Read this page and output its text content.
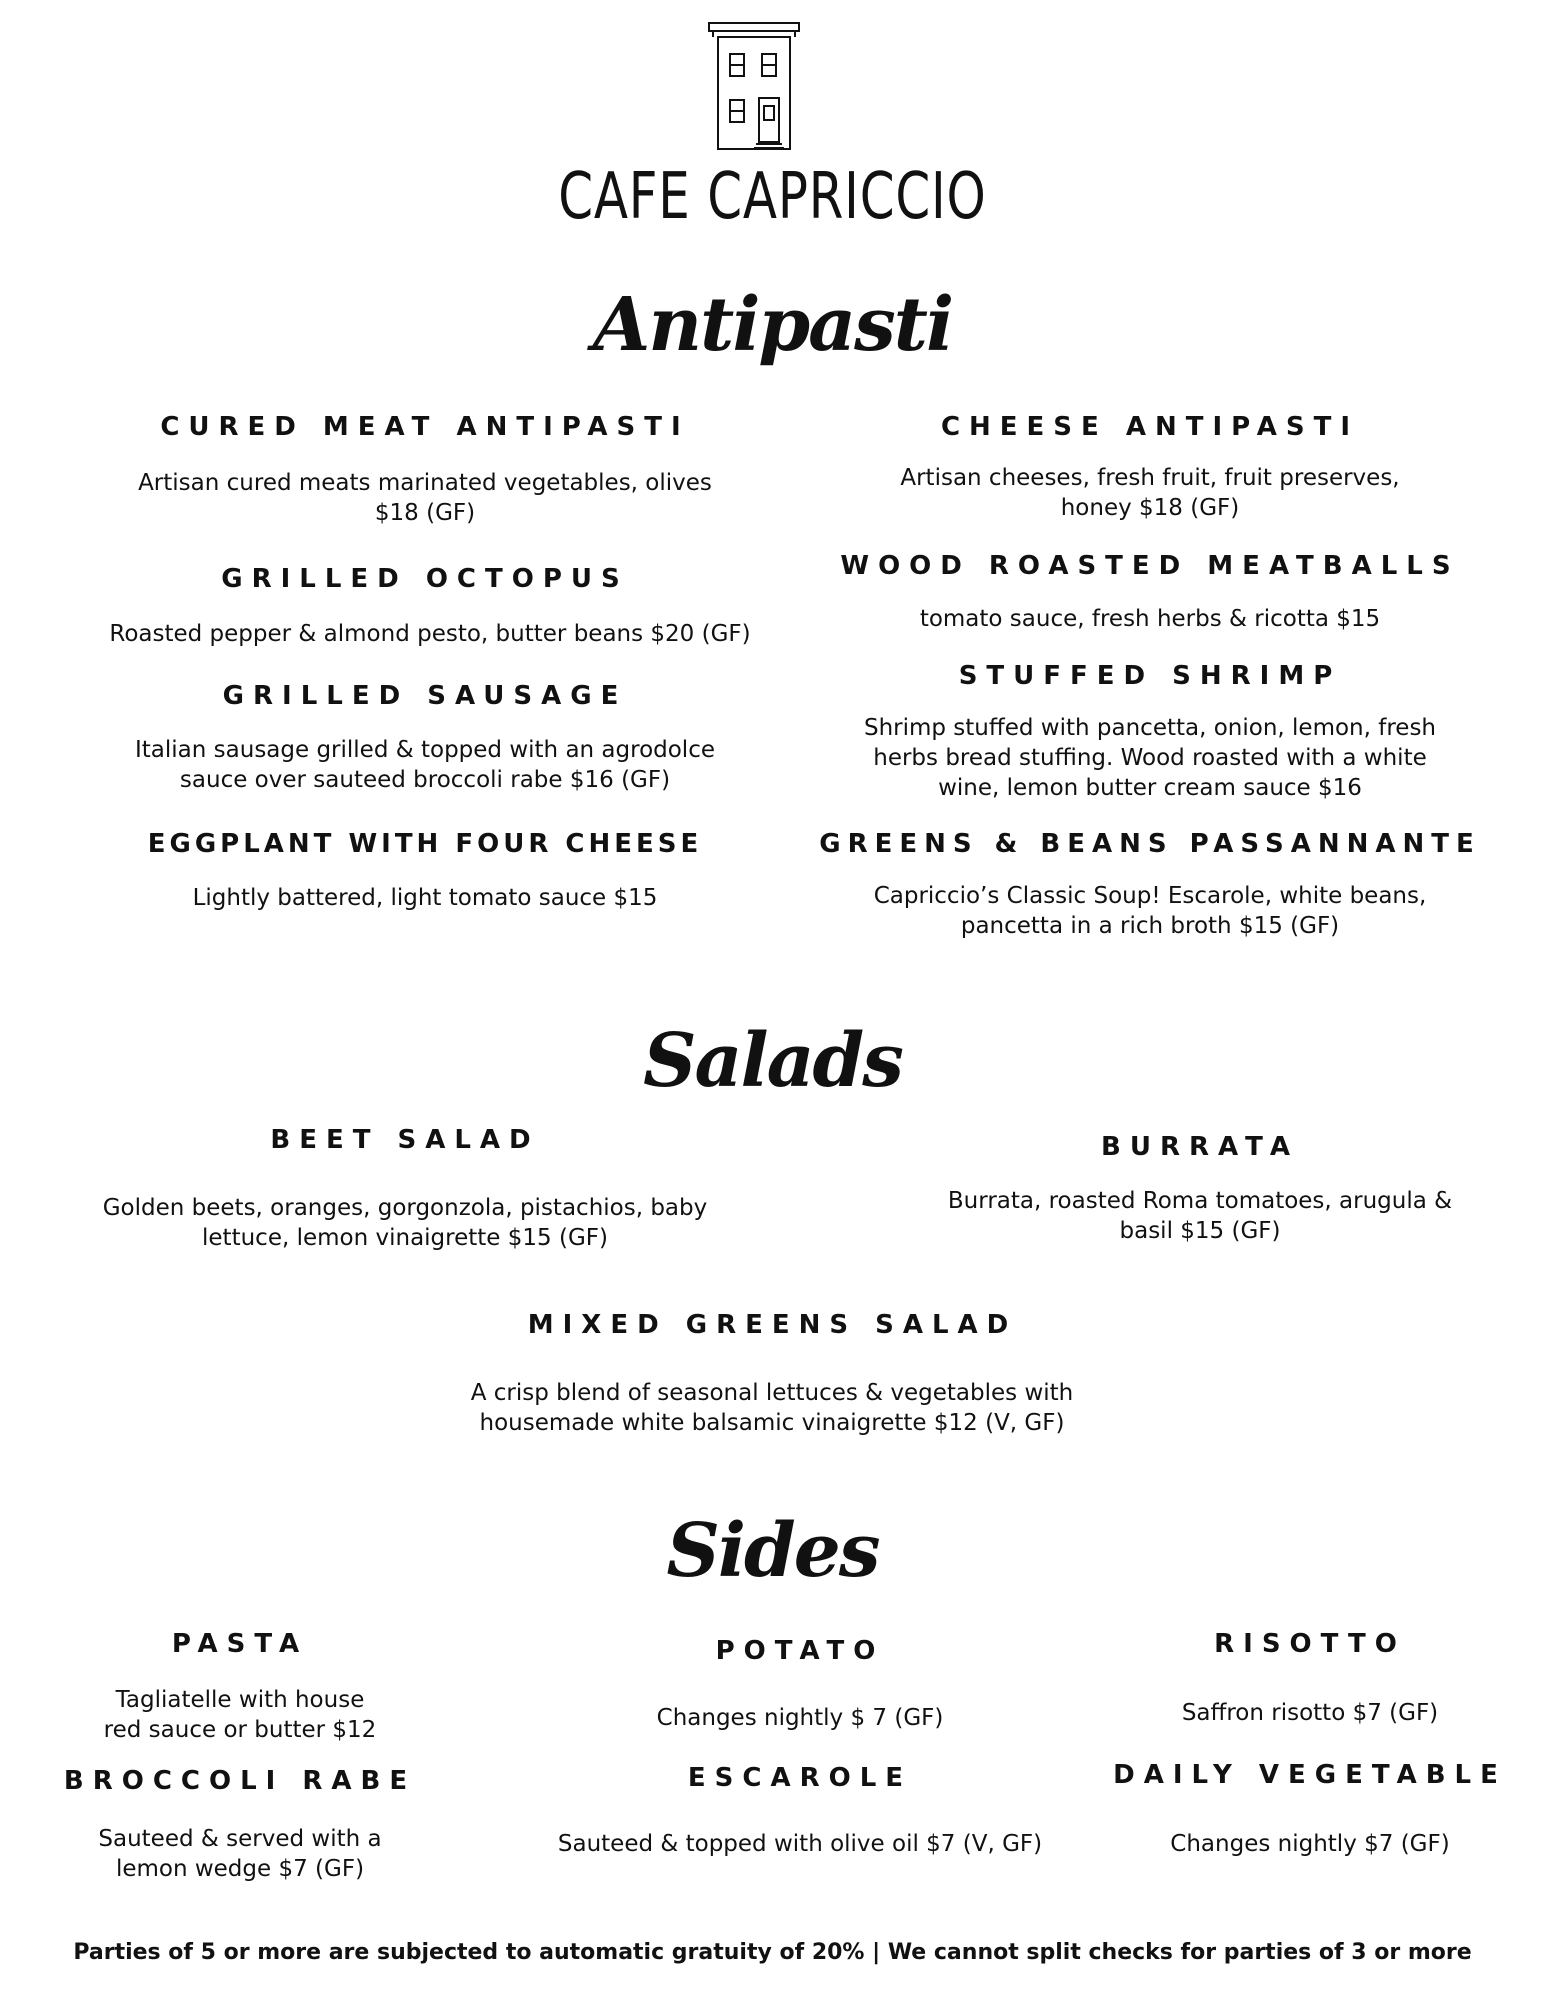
CAFE CAPRICCIO
Antipasti
CURED MEAT ANTIPASTI
Artisan cured meats marinated vegetables, olives
$18 (GF)
CHEESE ANTIPASTI
Artisan cheeses, fresh fruit, fruit preserves,
honey $18 (GF)
GRILLED OCTOPUS
Roasted pepper & almond pesto, butter beans $20 (GF)
WOOD ROASTED MEATBALLS
tomato sauce, fresh herbs & ricotta $15
STUFFED SHRIMP
Shrimp stuffed with pancetta, onion, lemon, fresh
herbs bread stuffing. Wood roasted with a white
wine, lemon butter cream sauce $16
GRILLED SAUSAGE
Italian sausage grilled & topped with an agrodolce
sauce over sauteed broccoli rabe $16 (GF)
EGGPLANT WITH FOUR CHEESE
Lightly battered, light tomato sauce $15
GREENS & BEANS PASSANNANTE
Capriccio’s Classic Soup! Escarole, white beans,
pancetta in a rich broth $15 (GF)
Salads
BEET SALAD
Golden beets, oranges, gorgonzola, pistachios, baby
lettuce, lemon vinaigrette $15 (GF)
BURRATA
Burrata, roasted Roma tomatoes, arugula &
basil $15 (GF)
MIXED GREENS SALAD
A crisp blend of seasonal lettuces & vegetables with
housemade white balsamic vinaigrette $12 (V, GF)
Sides
PASTA
Tagliatelle with house
red sauce or butter $12
POTATO
Changes nightly $ 7 (GF)
RISOTTO
Saffron risotto $7 (GF)
BROCCOLI RABE
Sauteed & served with a
lemon wedge $7 (GF)
ESCAROLE
Sauteed & topped with olive oil $7 (V, GF)
DAILY VEGETABLE
Changes nightly $7 (GF)
Parties of 5 or more are subjected to automatic gratuity of 20% | We cannot split checks for parties of 3 or more
